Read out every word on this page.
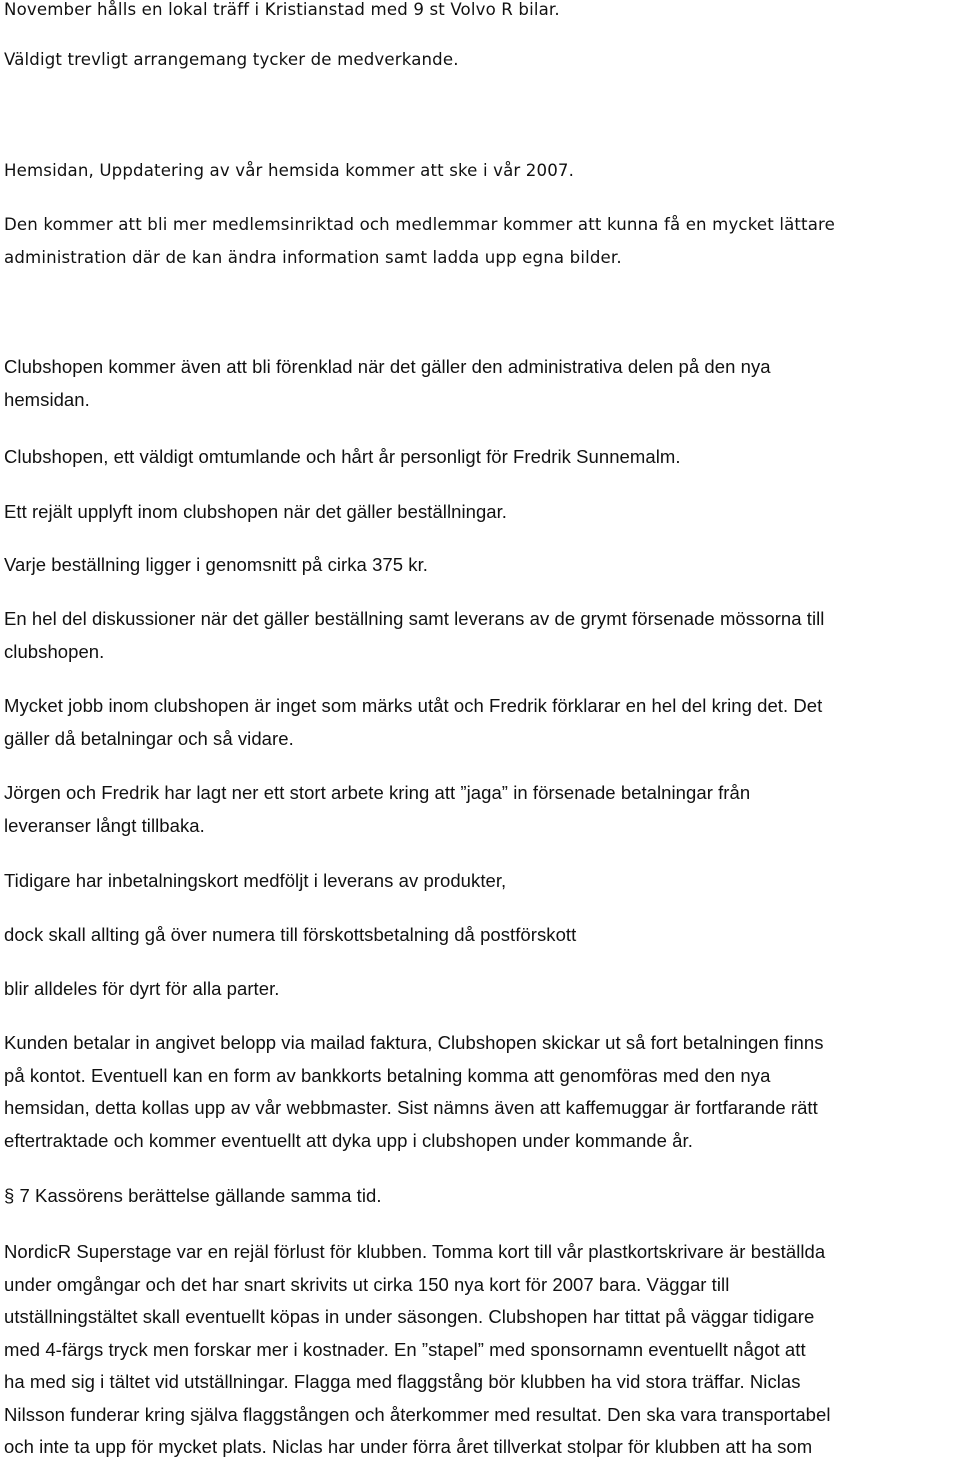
November hålls en lokal träff i Kristianstad med 9 st Volvo R bilar.

Väldigt trevligt arrangemang tycker de medverkande.

Hemsidan, Uppdatering av vår hemsida kommer att ske i vår 2007.

Den kommer att bli mer medlemsinriktad och medlemmar kommer att kunna få en mycket lättare
administration där de kan ändra information samt ladda upp egna bilder.

Clubshopen kommer även att bli förenklad när det gäller den administrativa delen på den nya
hemsidan.

Clubshopen, ett väldigt omtumlande och hårt år personligt för Fredrik Sunnemalm.

Ett rejält upplyft inom clubshopen när det gäller beställningar.

Varje beställning ligger i genomsnitt på cirka 375 kr.

En hel del diskussioner när det gäller beställning samt leverans av de grymt försenade mössorna till
clubshopen.

Mycket jobb inom clubshopen är inget som märks utåt och Fredrik förklarar en hel del kring det. Det
gäller då betalningar och så vidare.

Jörgen och Fredrik har lagt ner ett stort arbete kring att ”jaga” in försenade betalningar från
leveranser långt tillbaka.

Tidigare har inbetalningskort medföljt i leverans av produkter,

dock skall allting gå över numera till förskottsbetalning då postförskott

blir alldeles för dyrt för alla parter.

Kunden betalar in angivet belopp via mailad faktura, Clubshopen skickar ut så fort betalningen finns
på kontot. Eventuell kan en form av bankkorts betalning komma att genomföras med den nya
hemsidan, detta kollas upp av vår webbmaster. Sist nämns även att kaffemuggar är fortfarande rätt
eftertraktade och kommer eventuellt att dyka upp i clubshopen under kommande år.

§ 7 Kassörens berättelse gällande samma tid.

NordicR Superstage var en rejäl förlust för klubben. Tomma kort till vår plastkortskrivare är beställda
under omgångar och det har snart skrivits ut cirka 150 nya kort för 2007 bara. Väggar till
utställningstältet skall eventuellt köpas in under säsongen. Clubshopen har tittat på väggar tidigare
med 4-färgs tryck men forskar mer i kostnader. En ”stapel” med sponsornamn eventuellt något att
ha med sig i tältet vid utställningar. Flagga med flaggstång bör klubben ha vid stora träffar. Niclas
Nilsson funderar kring själva flaggstången och återkommer med resultat. Den ska vara transportabel
och inte ta upp för mycket plats. Niclas har under förra året tillverkat stolpar för klubben att ha som
